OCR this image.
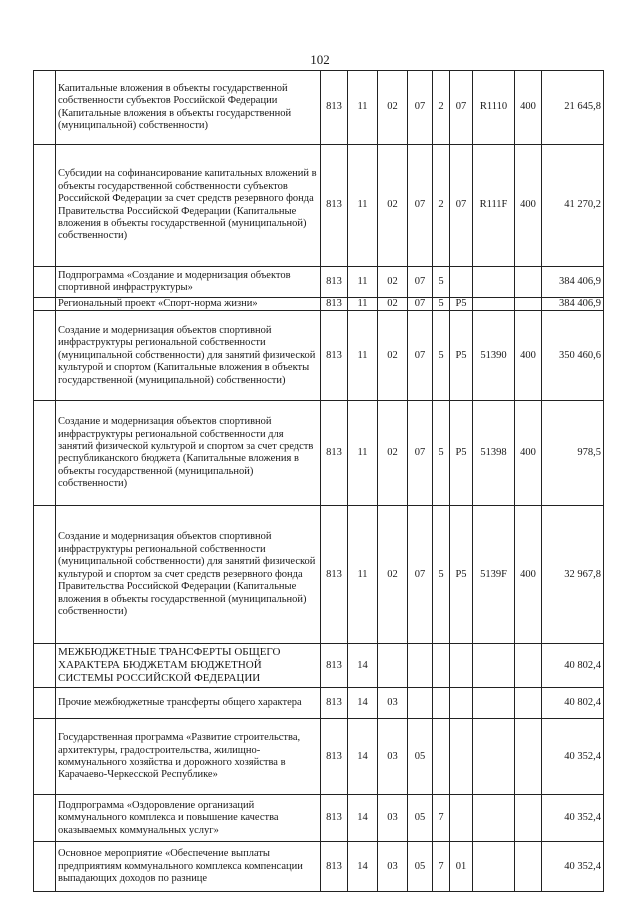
102
	Капитальные вложения в объекты государственной собственности субъектов Российской Федерации (Капитальные вложения в объекты государственной (муниципальной) собственности)	813	11	02	07	2	07	R1110	400	21 645,8
	Субсидии на софинансирование капитальных вложений в объекты государственной собственности субъектов Российской Федерации за счет средств резервного фонда Правительства Российской Федерации (Капитальные вложения в объекты государственной (муниципальной) собственности)	813	11	02	07	2	07	R111F	400	41 270,2
	Подпрограмма «Создание и модернизация объектов спортивной инфраструктуры»	813	11	02	07	5				384 406,9
	Региональный проект «Спорт-норма жизни»	813	11	02	07	5	P5			384 406,9
	Создание и модернизация объектов спортивной инфраструктуры региональной собственности (муниципальной собственности) для занятий физической культурой и спортом (Капитальные вложения в объекты государственной (муниципальной) собственности)	813	11	02	07	5	P5	51390	400	350 460,6
	Создание и модернизация объектов спортивной инфраструктуры региональной собственности для занятий физической культурой и спортом за счет средств республиканского бюджета (Капитальные вложения в объекты государственной (муниципальной) собственности)	813	11	02	07	5	P5	51398	400	978,5
	Создание и модернизация объектов спортивной инфраструктуры региональной собственности (муниципальной собственности) для занятий физической культурой и спортом за счет средств резервного фонда Правительства Российской Федерации (Капитальные вложения в объекты государственной (муниципальной) собственности)	813	11	02	07	5	P5	5139F	400	32 967,8
	МЕЖБЮДЖЕТНЫЕ ТРАНСФЕРТЫ ОБЩЕГО ХАРАКТЕРА БЮДЖЕТАМ БЮДЖЕТНОЙ СИСТЕМЫ РОССИЙСКОЙ ФЕДЕРАЦИИ	813	14							40 802,4
	Прочие межбюджетные трансферты общего характера	813	14	03						40 802,4
	Государственная программа «Развитие строительства, архитектуры, градостроительства, жилищно-коммунального хозяйства и дорожного хозяйства в Карачаево-Черкесской Республике»	813	14	03	05					40 352,4
	Подпрограмма «Оздоровление организаций коммунального комплекса и повышение качества оказываемых коммунальных услуг»	813	14	03	05	7				40 352,4
	Основное мероприятие «Обеспечение выплаты предприятиям коммунального комплекса компенсации выпадающих доходов по разнице	813	14	03	05	7	01			40 352,4
